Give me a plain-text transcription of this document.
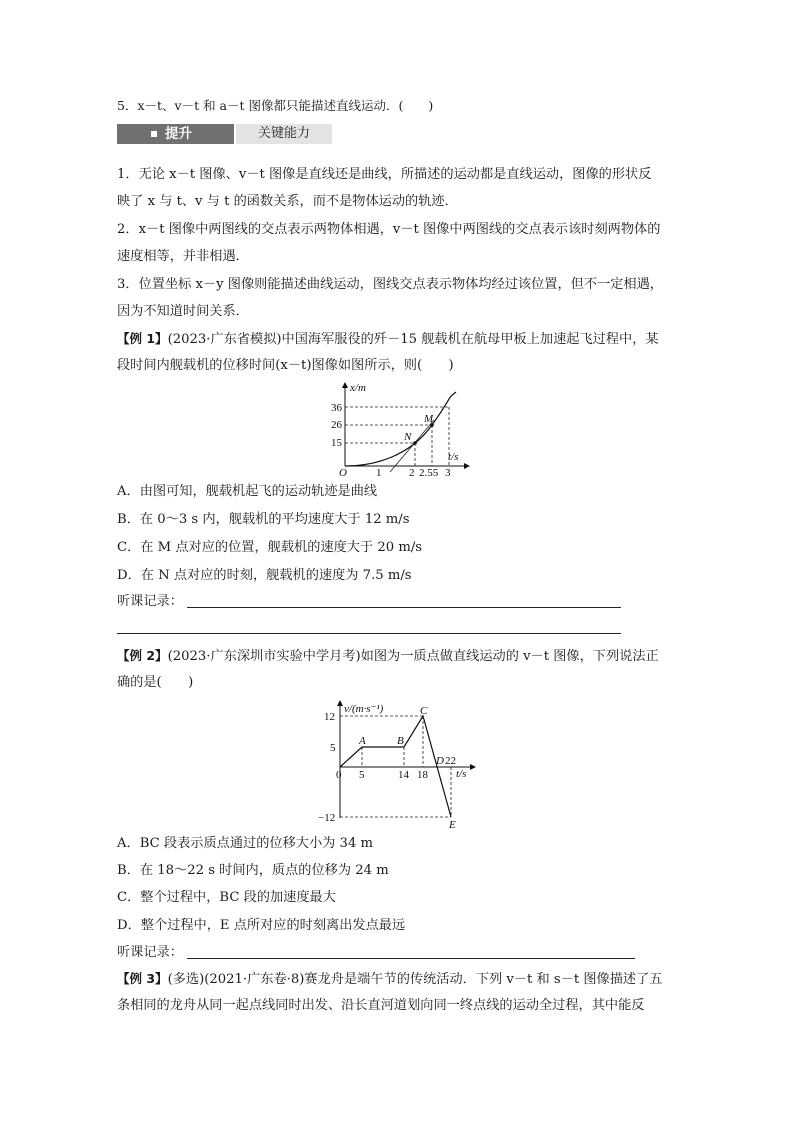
5．x－t、v－t 和 a－t 图像都只能描述直线运动．(　　)
提升	关键能力
1．无论 x－t 图像、v－t 图像是直线还是曲线，所描述的运动都是直线运动，图像的形状反
映了 x 与 t、v 与 t 的函数关系，而不是物体运动的轨迹．
2．x－t 图像中两图线的交点表示两物体相遇，v－t 图像中两图线的交点表示该时刻两物体的
速度相等，并非相遇．
3．位置坐标 x－y 图像则能描述曲线运动，图线交点表示物体均经过该位置，但不一定相遇，
因为不知道时间关系．
【例 1】(2023·广东省模拟)中国海军服役的歼－15 舰载机在航母甲板上加速起飞过程中，某
段时间内舰载机的位移时间(x－t)图像如图所示，则(　　)
x/m
t/s
O
36
26
15
1	2 2.55 3
N
M
A．由图可知，舰载机起飞的运动轨迹是曲线
B．在 0～3 s 内，舰载机的平均速度大于 12 m/s
C．在 M 点对应的位置，舰载机的速度大于 20 m/s
D．在 N 点对应的时刻，舰载机的速度为 7.5 m/s
听课记录：
【例 2】(2023·广东深圳市实验中学月考)如图为一质点做直线运动的 v－t 图像，下列说法正
确的是(　　)
v/(m·s⁻¹)
t/s
0
12
5
−12
5	14 18
22
A	B
C
D
E
A．BC 段表示质点通过的位移大小为 34 m
B．在 18～22 s 时间内，质点的位移为 24 m
C．整个过程中，BC 段的加速度最大
D．整个过程中，E 点所对应的时刻离出发点最远
听课记录：
【例 3】(多选)(2021·广东卷·8)赛龙舟是端午节的传统活动．下列 v－t 和 s－t 图像描述了五
条相同的龙舟从同一起点线同时出发、沿长直河道划向同一终点线的运动全过程，其中能反
